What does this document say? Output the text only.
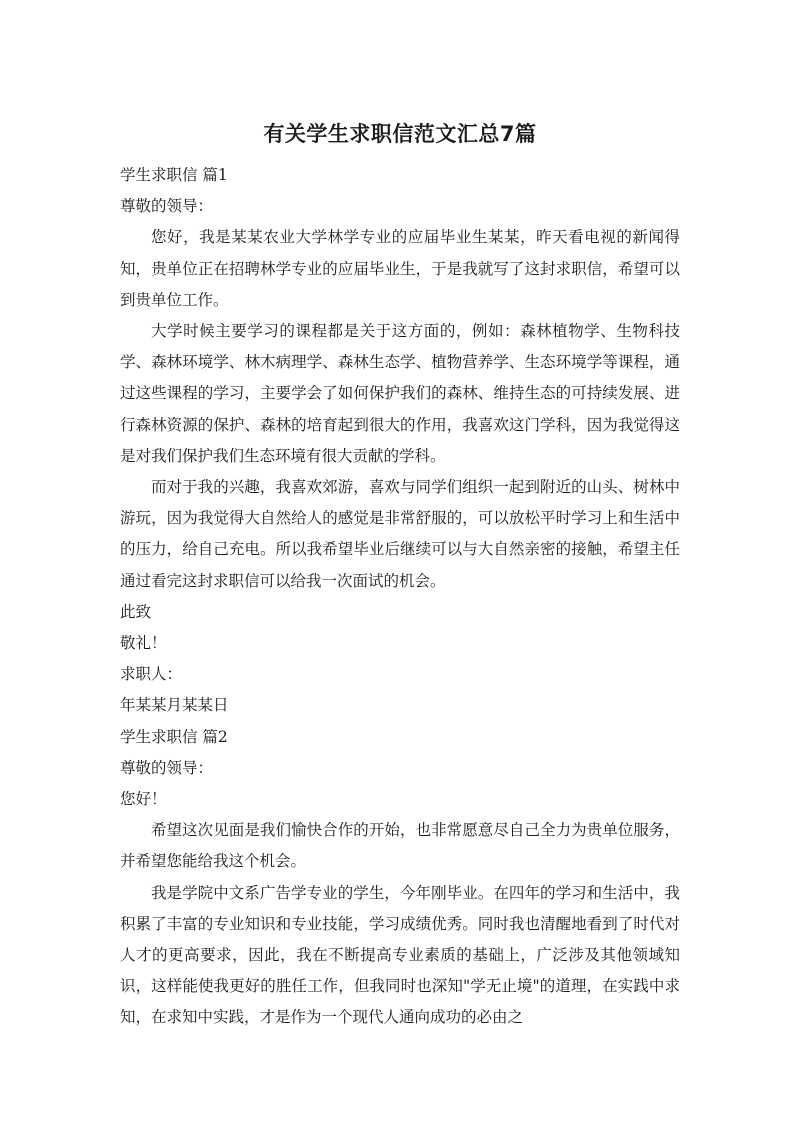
有关学生求职信范文汇总7篇

学生求职信 篇1

尊敬的领导：

您好，我是某某农业大学林学专业的应届毕业生某某，昨天看电视的新闻得知，贵单位正在招聘林学专业的应届毕业生，于是我就写了这封求职信，希望可以到贵单位工作。

大学时候主要学习的课程都是关于这方面的，例如：森林植物学、生物科技学、森林环境学、林木病理学、森林生态学、植物营养学、生态环境学等课程，通过这些课程的学习，主要学会了如何保护我们的森林、维持生态的可持续发展、进行森林资源的保护、森林的培育起到很大的作用，我喜欢这门学科，因为我觉得这是对我们保护我们生态环境有很大贡献的学科。

而对于我的兴趣，我喜欢郊游，喜欢与同学们组织一起到附近的山头、树林中游玩，因为我觉得大自然给人的感觉是非常舒服的，可以放松平时学习上和生活中的压力，给自己充电。所以我希望毕业后继续可以与大自然亲密的接触，希望主任通过看完这封求职信可以给我一次面试的机会。

此致

敬礼！

求职人：

年某某月某某日

学生求职信 篇2

尊敬的领导：

您好！

希望这次见面是我们愉快合作的开始，也非常愿意尽自己全力为贵单位服务，并希望您能给我这个机会。

我是学院中文系广告学专业的学生，今年刚毕业。在四年的学习和生活中，我积累了丰富的专业知识和专业技能，学习成绩优秀。同时我也清醒地看到了时代对人才的更高要求，因此，我在不断提高专业素质的基础上，广泛涉及其他领域知识，这样能使我更好的胜任工作，但我同时也深知"学无止境"的道理，在实践中求知，在求知中实践，才是作为一个现代人通向成功的必由之
